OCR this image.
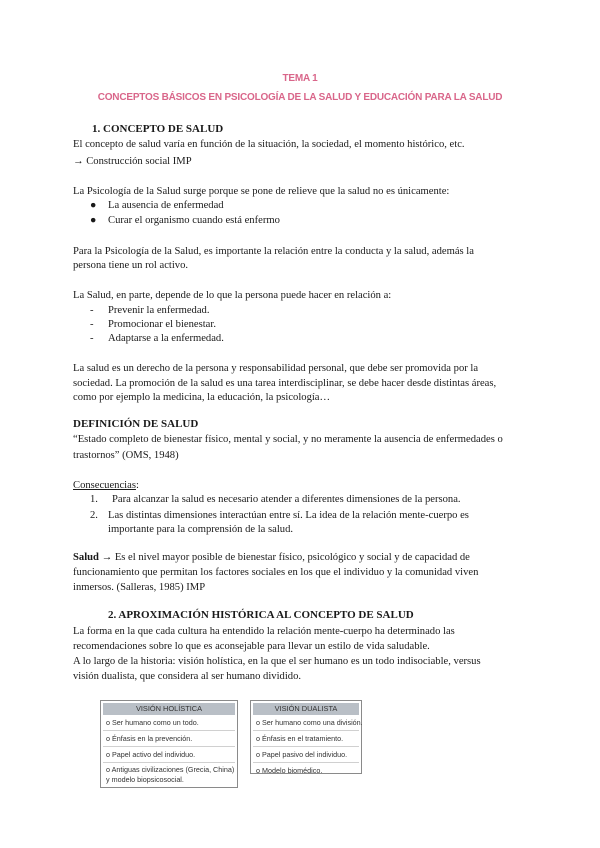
TEMA 1
CONCEPTOS BÁSICOS EN PSICOLOGÍA DE LA SALUD Y EDUCACIÓN PARA LA SALUD
1. CONCEPTO DE SALUD
El concepto de salud varía en función de la situación, la sociedad, el momento histórico, etc.
→ Construcción social IMP
La Psicología de la Salud surge porque se pone de relieve que la salud no es únicamente:
● La ausencia de enfermedad
● Curar el organismo cuando está enfermo
Para la Psicología de la Salud, es importante la relación entre la conducta y la salud, además la
persona tiene un rol activo.
La Salud, en parte, depende de lo que la persona puede hacer en relación a:
- Prevenir la enfermedad.
- Promocionar el bienestar.
- Adaptarse a la enfermedad.
La salud es un derecho de la persona y responsabilidad personal, que debe ser promovida por la
sociedad. La promoción de la salud es una tarea interdisciplinar, se debe hacer desde distintas áreas,
como por ejemplo la medicina, la educación, la psicología…
DEFINICIÓN DE SALUD
“Estado completo de bienestar físico, mental y social, y no meramente la ausencia de enfermedades o
trastornos” (OMS, 1948)
Consecuencias:
1. Para alcanzar la salud es necesario atender a diferentes dimensiones de la persona.
2. Las distintas dimensiones interactúan entre sí. La idea de la relación mente-cuerpo es
importante para la comprensión de la salud.
Salud → Es el nivel mayor posible de bienestar físico, psicológico y social y de capacidad de
funcionamiento que permitan los factores sociales en los que el individuo y la comunidad viven
inmersos. (Salleras, 1985) IMP
2. APROXIMACIÓN HISTÓRICA AL CONCEPTO DE SALUD
La forma en la que cada cultura ha entendido la relación mente-cuerpo ha determinado las
recomendaciones sobre lo que es aconsejable para llevar un estilo de vida saludable.
A lo largo de la historia: visión holística, en la que el ser humano es un todo indisociable, versus
visión dualista, que considera al ser humano dividido.
VISIÓN HOLÍSTICA
o Ser humano como un todo.
o Énfasis en la prevención.
o Papel activo del individuo.
o Antiguas civilizaciones (Grecia, China)
y modelo biopsicosocial.
VISIÓN DUALISTA
o Ser humano como una división.
o Énfasis en el tratamiento.
o Papel pasivo del individuo.
o Modelo biomédico.
